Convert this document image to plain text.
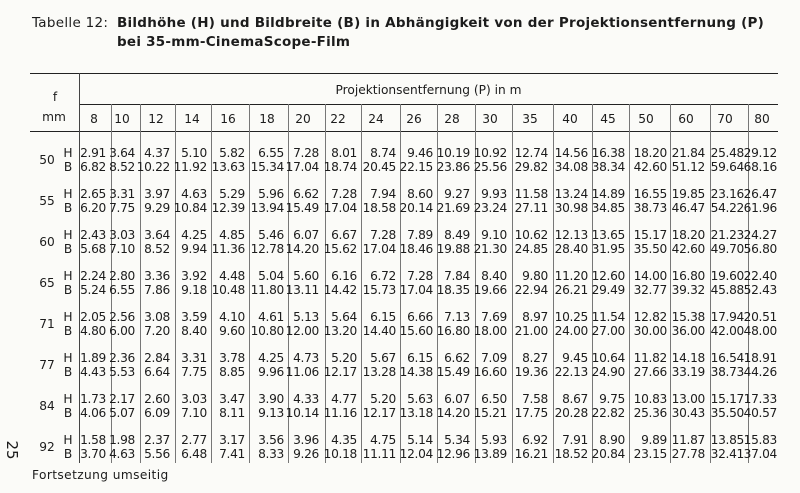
Tabelle 12: Bildhöhe (H) und Bildbreite (B) in Abhängigkeit von der Projektionsentfernung (P)
bei 35-mm-CinemaScope-Film
f
mm
Projektionsentfernung (P) in m
8	10	12	14	16	18	20	22	24	26	28	30	35	40	45	50	60	70	80
50 H
B
2.91 3.64 4.37 5.10 5.82	6.55 7.28 8.01	8.74 9.46 10.19 10.92 12.74 14.56 16.38 18.20 21.84 25.48 29.12
6.82 8.52 10.22 11.92 13.63 15.34 17.04 18.74 20.45 22.15 23.86 25.56 29.82 34.08 38.34 42.60 51.12 59.64 68.16
55 H
B
2.65 3.31 3.97 4.63 5.29	5.96 6.62 7.28	7.94 8.60 9.27 9.93 11.58 13.24 14.89 16.55 19.85 23.16 26.47
6.20 7.75 9.29 10.84 12.39 13.94 15.49 17.04 18.58 20.14 21.69 23.24 27.11 30.98 34.85 38.73 46.47 54.22 61.96
60 H
B
2.43 3.03 3.64 4.25 4.85	5.46 6.07 6.67	7.28 7.89 8.49 9.10 10.62 12.13 13.65 15.17 18.20 21.23 24.27
5.68 7.10 8.52 9.94 11.36 12.78 14.20 15.62 17.04 18.46 19.88 21.30 24.85 28.40 31.95 35.50 42.60 49.70 56.80
65 H
B
2.24 2.80 3.36 3.92 4.48	5.04 5.60 6.16	6.72 7.28 7.84 8.40	9.80 11.20 12.60 14.00 16.80 19.60 22.40
5.24 6.55 7.86 9.18 10.48 11.80 13.11 14.42 15.73 17.04 18.35 19.66 22.94 26.21 29.49 32.77 39.32 45.88 52.43
71 H
B
2.05 2.56 3.08 3.59 4.10	4.61 5.13 5.64	6.15 6.66 7.13 7.69	8.97 10.25 11.54 12.82 15.38 17.94 20.51
4.80 6.00 7.20 8.40 9.60 10.80 12.00 13.20 14.40 15.60 16.80 18.00 21.00 24.00 27.00 30.00 36.00 42.00 48.00
77 H
B
1.89 2.36 2.84 3.31 3.78	4.25 4.73 5.20	5.67 6.15 6.62 7.09	8.27	9.45 10.64 11.82 14.18 16.54 18.91
4.43 5.53 6.64 7.75 8.85	9.96 11.06 12.17 13.28 14.38 15.49 16.60 19.36 22.13 24.90 27.66 33.19 38.73 44.26
84 H
B
1.73 2.17 2.60 3.03 3.47	3.90 4.33 4.77	5.20 5.63 6.07 6.50	7.58	8.67 9.75 10.83 13.00 15.17 17.33
4.06 5.07 6.09 7.10 8.11	9.13 10.14 11.16 12.17 13.18 14.20 15.21 17.75 20.28 22.82 25.36 30.43 35.50 40.57
92 H
B
1.58 1.98 2.37 2.77 3.17	3.56 3.96 4.35	4.75 5.14 5.34 5.93	6.92	7.91 8.90	9.89 11.87 13.85 15.83
3.70 4.63 5.56 6.48 7.41	8.33 9.26 10.18 11.11 12.04 12.96 13.89 16.21 18.52 20.84 23.15 27.78 32.41 37.04
25
Fortsetzung umseitig
